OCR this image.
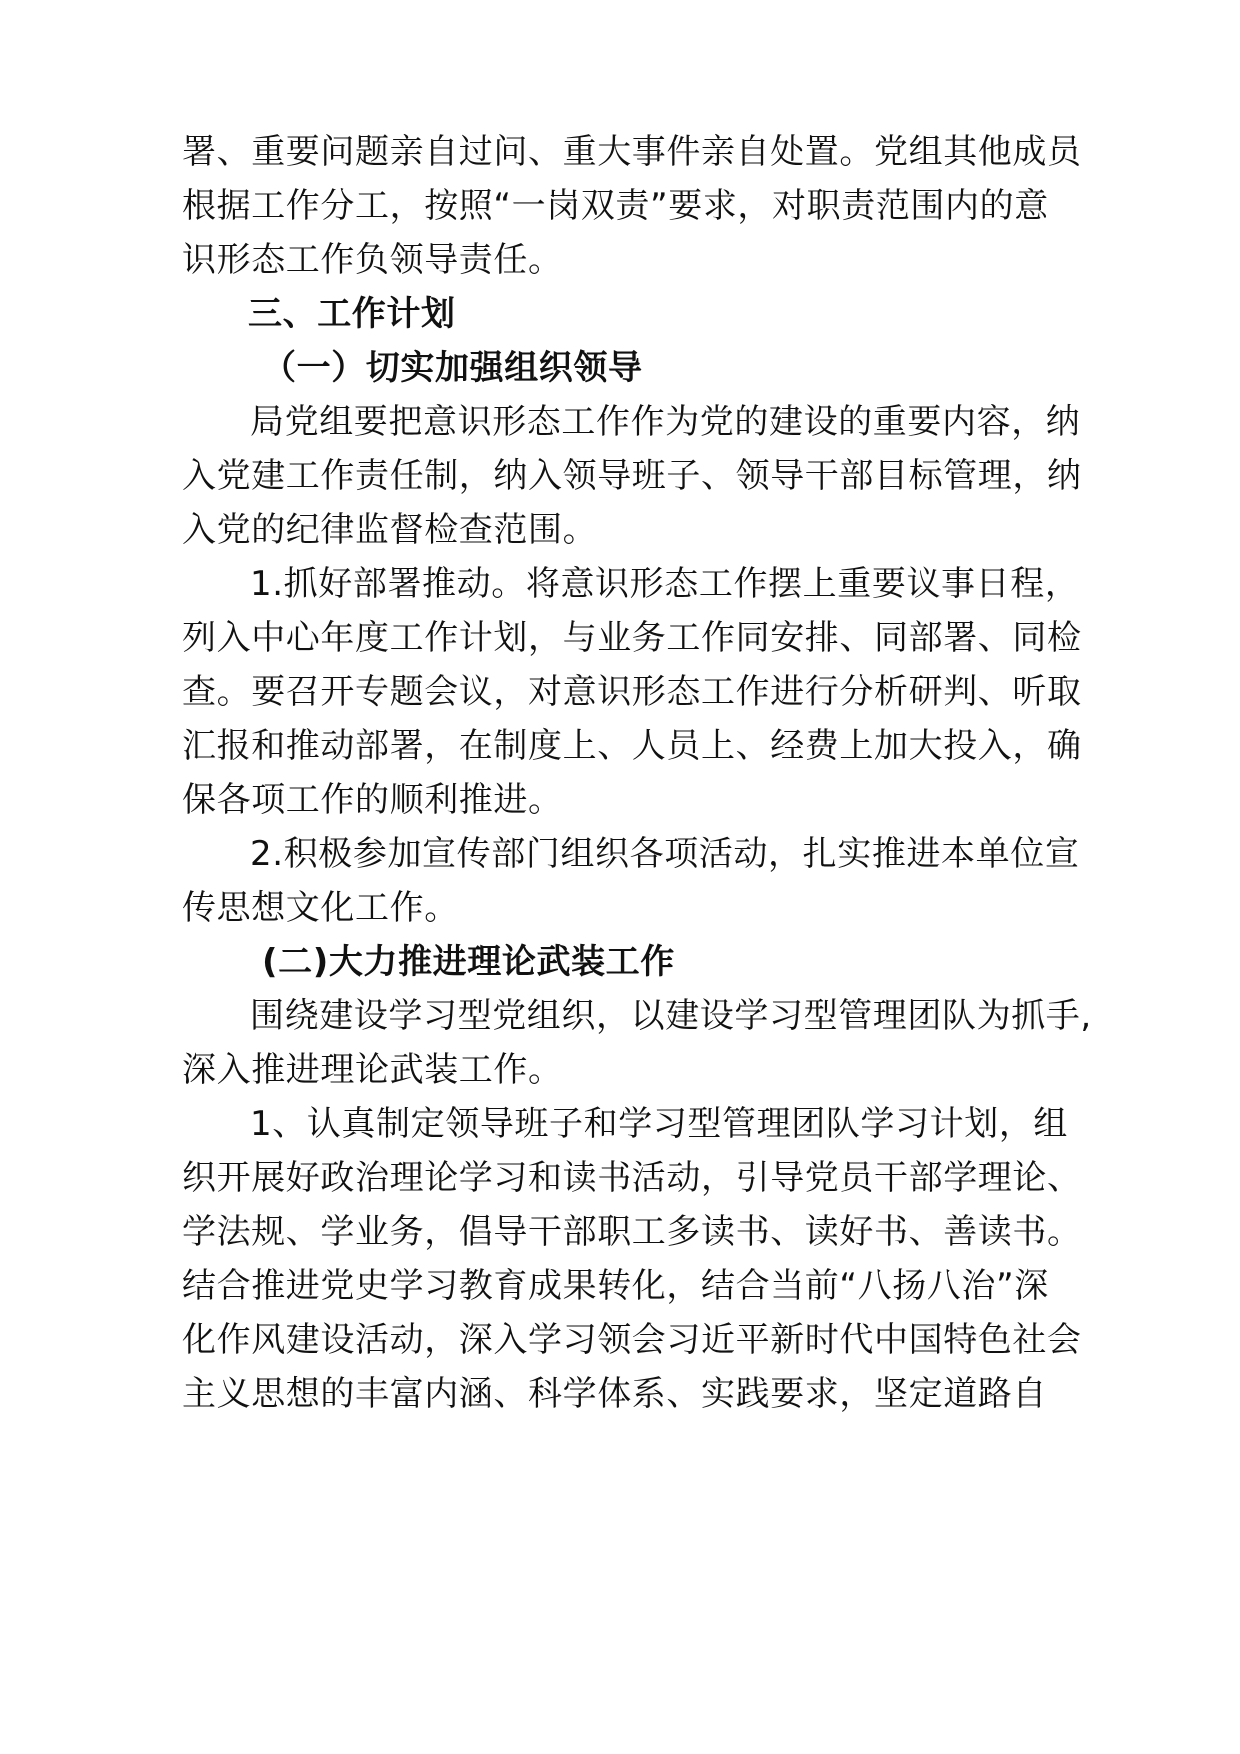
署、重要问题亲自过问、重大事件亲自处置。党组其他成员
根据工作分工，按照“一岗双责”要求，对职责范围内的意
识形态工作负领导责任。
三、工作计划
（一）切实加强组织领导
局党组要把意识形态工作作为党的建设的重要内容，纳
入党建工作责任制，纳入领导班子、领导干部目标管理，纳
入党的纪律监督检查范围。
1.抓好部署推动。将意识形态工作摆上重要议事日程，
列入中心年度工作计划，与业务工作同安排、同部署、同检
查。要召开专题会议，对意识形态工作进行分析研判、听取
汇报和推动部署，在制度上、人员上、经费上加大投入，确
保各项工作的顺利推进。
2.积极参加宣传部门组织各项活动，扎实推进本单位宣
传思想文化工作。
(二)大力推进理论武装工作
围绕建设学习型党组织，以建设学习型管理团队为抓手,
深入推进理论武装工作。
1、认真制定领导班子和学习型管理团队学习计划，组
织开展好政治理论学习和读书活动，引导党员干部学理论、
学法规、学业务，倡导干部职工多读书、读好书、善读书。
结合推进党史学习教育成果转化，结合当前“八扬八治”深
化作风建设活动，深入学习领会习近平新时代中国特色社会
主义思想的丰富内涵、科学体系、实践要求，坚定道路自
